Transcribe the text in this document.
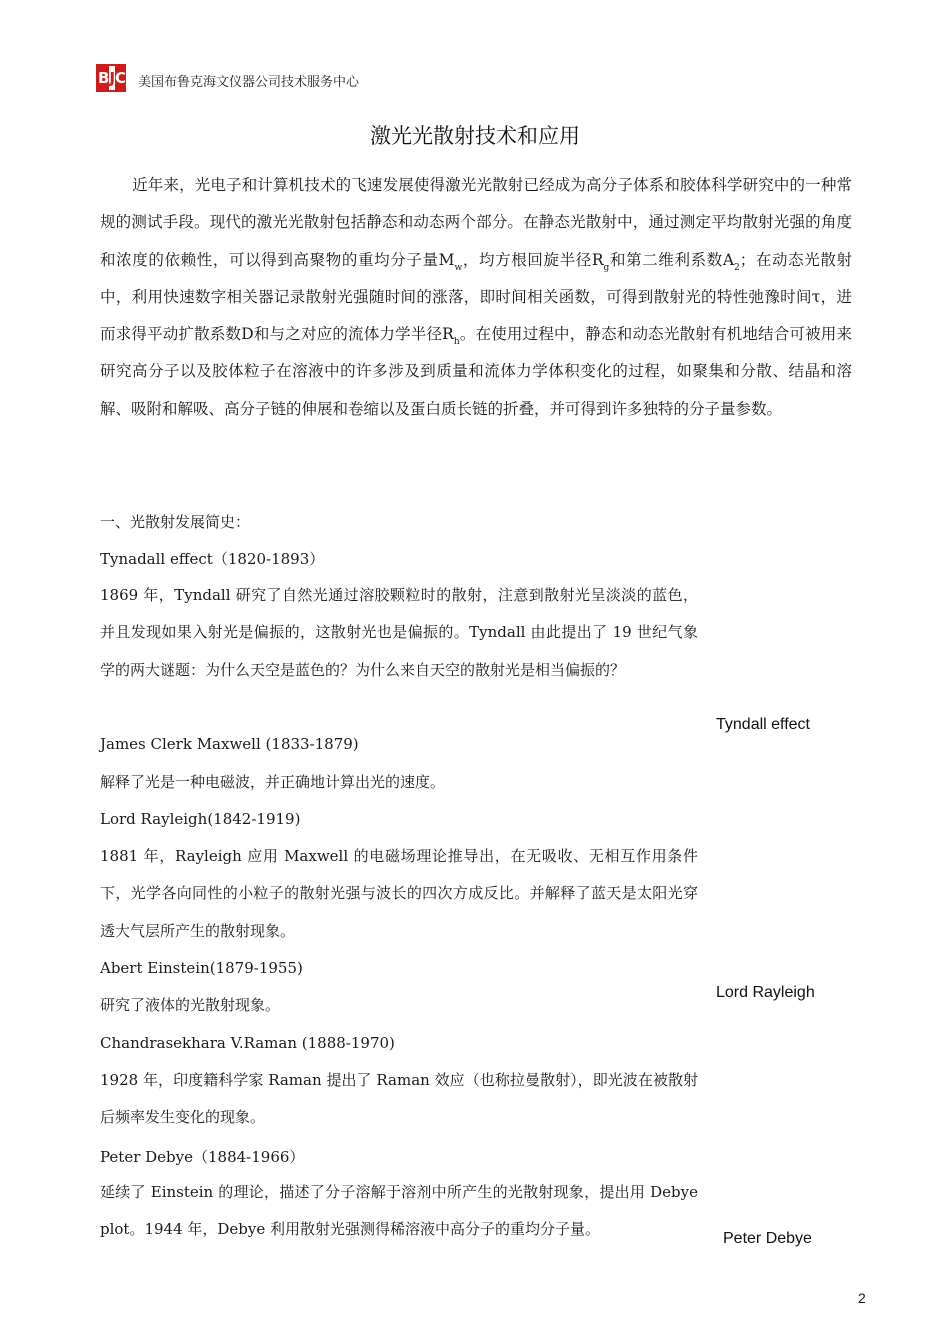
B J C 美国布鲁克海文仪器公司技术服务中心
激光光散射技术和应用
近年来，光电子和计算机技术的飞速发展使得激光光散射已经成为高分子体系和胶体科学研究中的一种常规的测试手段。现代的激光光散射包括静态和动态两个部分。在静态光散射中，通过测定平均散射光强的角度和浓度的依赖性，可以得到高聚物的重均分子量$M_w$，均方根回旋半径$R_g$和第二维利系数$A_2$；在动态光散射中，利用快速数字相关器记录散射光强随时间的涨落，即时间相关函数，可得到散射光的特性弛豫时间τ，进而求得平动扩散系数D和与之对应的流体力学半径$R_h$。在使用过程中，静态和动态光散射有机地结合可被用来研究高分子以及胶体粒子在溶液中的许多涉及到质量和流体力学体积变化的过程，如聚集和分散、结晶和溶解、吸附和解吸、高分子链的伸展和卷缩以及蛋白质长链的折叠，并可得到许多独特的分子量参数。
一、光散射发展简史：
Tynadall effect（1820-1893）
1869 年，Tyndall 研究了自然光通过溶胶颗粒时的散射，注意到散射光呈淡淡的蓝色，并且发现如果入射光是偏振的，这散射光也是偏振的。Tyndall 由此提出了 19 世纪气象学的两大谜题：为什么天空是蓝色的？为什么来自天空的散射光是相当偏振的？
James Clerk Maxwell (1833-1879)
解释了光是一种电磁波，并正确地计算出光的速度。
Lord Rayleigh(1842-1919)
1881 年，Rayleigh 应用 Maxwell 的电磁场理论推导出，在无吸收、无相互作用条件下，光学各向同性的小粒子的散射光强与波长的四次方成反比。并解释了蓝天是太阳光穿透大气层所产生的散射现象。
Abert Einstein(1879-1955)
研究了液体的光散射现象。
Chandrasekhara V.Raman (1888-1970)
1928 年，印度籍科学家 Raman 提出了 Raman 效应（也称拉曼散射），即光波在被散射后频率发生变化的现象。
Peter Debye（1884-1966）
延续了 Einstein 的理论，描述了分子溶解于溶剂中所产生的光散射现象，提出用 Debye plot。1944 年，Debye 利用散射光强测得稀溶液中高分子的重均分子量。
Tyndall effect
Lord Rayleigh
Peter Debye
2
